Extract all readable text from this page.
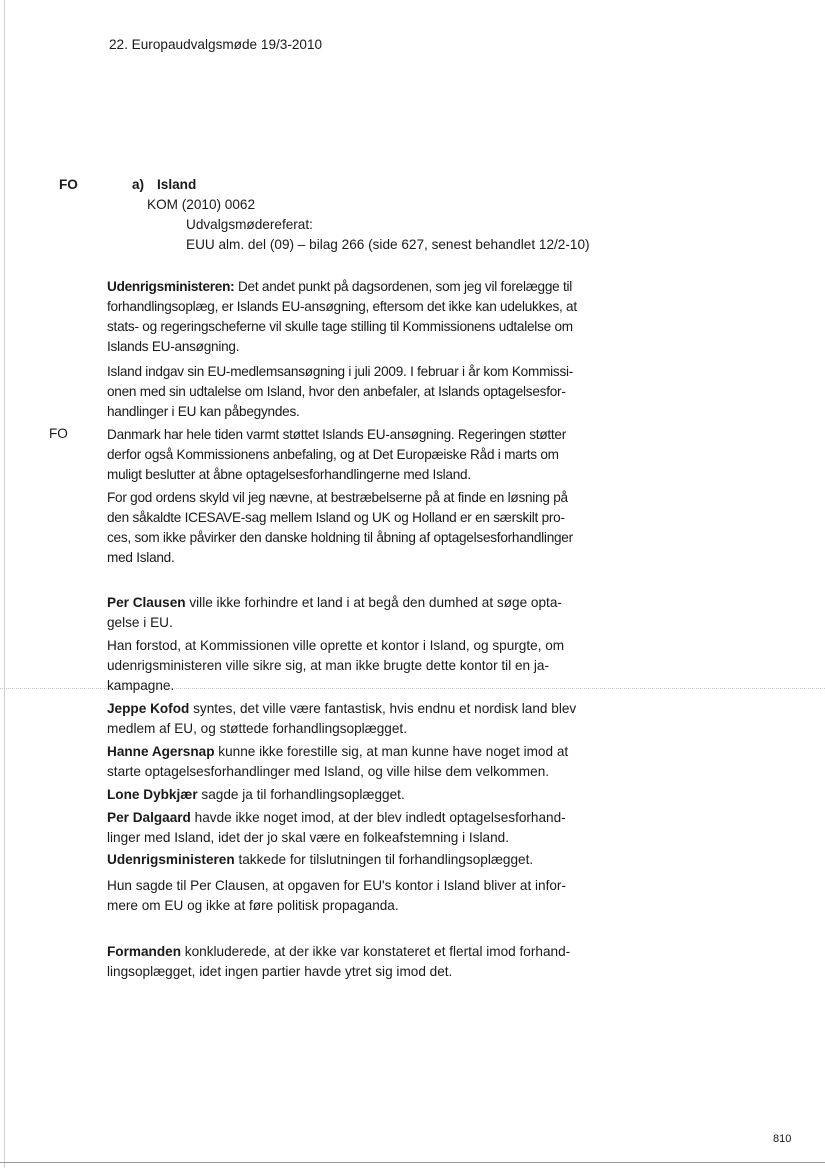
22. Europaudvalgsmøde 19/3-2010
FO
FO
a) Island
KOM (2010) 0062
Udvalgsmødereferat:
EUU alm. del (09) – bilag 266 (side 627, senest behandlet 12/2-10)
Udenrigsministeren: Det andet punkt på dagsordenen, som jeg vil forelægge til
forhandlingsoplæg, er Islands EU-ansøgning, eftersom det ikke kan udelukkes, at
stats- og regeringscheferne vil skulle tage stilling til Kommissionens udtalelse om
Islands EU-ansøgning.
Island indgav sin EU-medlemsansøgning i juli 2009. I februar i år kom Kommissi-
onen med sin udtalelse om Island, hvor den anbefaler, at Islands optagelsesfor-
handlinger i EU kan påbegyndes.
Danmark har hele tiden varmt støttet Islands EU-ansøgning. Regeringen støtter
derfor også Kommissionens anbefaling, og at Det Europæiske Råd i marts om
muligt beslutter at åbne optagelsesforhandlingerne med Island.
For god ordens skyld vil jeg nævne, at bestræbelserne på at finde en løsning på
den såkaldte ICESAVE-sag mellem Island og UK og Holland er en særskilt pro-
ces, som ikke påvirker den danske holdning til åbning af optagelsesforhandlinger
med Island.
Per Clausen ville ikke forhindre et land i at begå den dumhed at søge opta-
gelse i EU.
Han forstod, at Kommissionen ville oprette et kontor i Island, og spurgte, om
udenrigsministeren ville sikre sig, at man ikke brugte dette kontor til en ja-
kampagne.
Jeppe Kofod syntes, det ville være fantastisk, hvis endnu et nordisk land blev
medlem af EU, og støttede forhandlingsoplægget.
Hanne Agersnap kunne ikke forestille sig, at man kunne have noget imod at
starte optagelsesforhandlinger med Island, og ville hilse dem velkommen.
Lone Dybkjær sagde ja til forhandlingsoplægget.
Per Dalgaard havde ikke noget imod, at der blev indledt optagelsesforhand-
linger med Island, idet der jo skal være en folkeafstemning i Island.
Udenrigsministeren takkede for tilslutningen til forhandlingsoplægget.
Hun sagde til Per Clausen, at opgaven for EU's kontor i Island bliver at infor-
mere om EU og ikke at føre politisk propaganda.
Formanden konkluderede, at der ikke var konstateret et flertal imod forhand-
lingsoplægget, idet ingen partier havde ytret sig imod det.
810
